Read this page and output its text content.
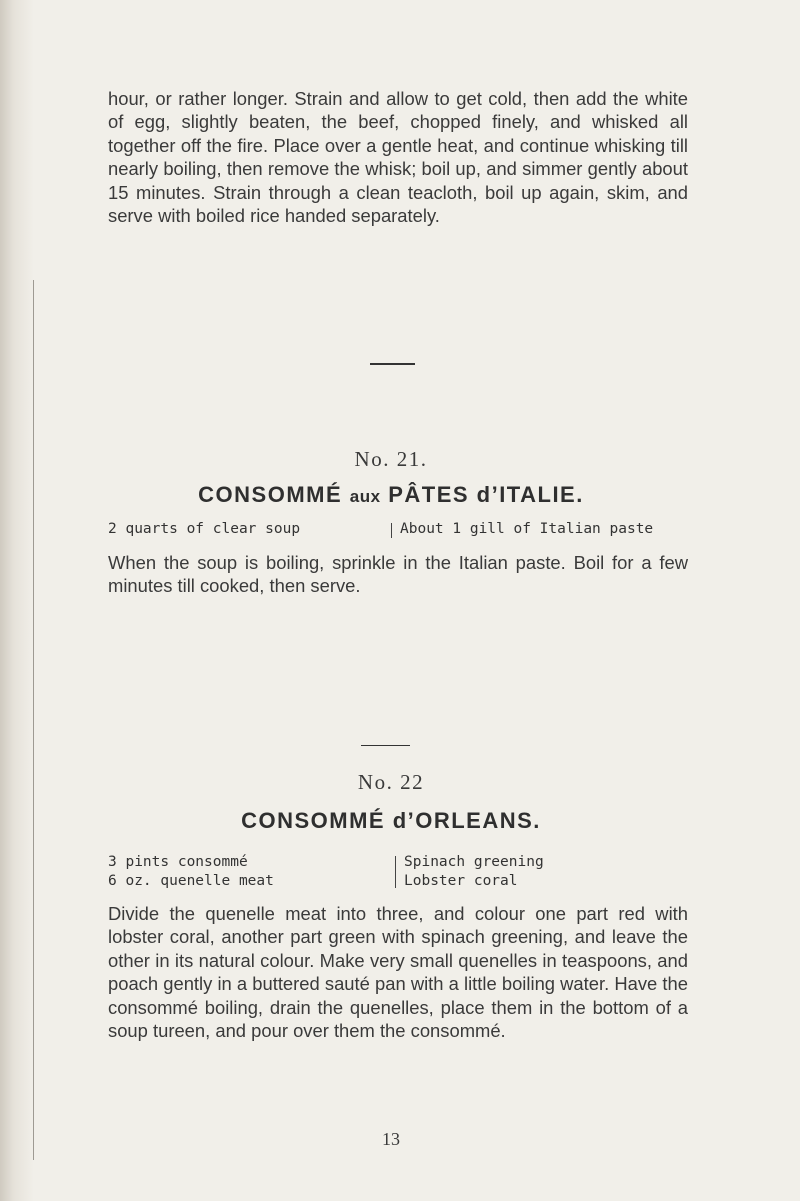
hour, or rather longer. Strain and allow to get cold, then add the white of egg, slightly beaten, the beef, chopped finely, and whisked all together off the fire. Place over a gentle heat, and continue whisking till nearly boiling, then remove the whisk; boil up, and simmer gently about 15 minutes. Strain through a clean teacloth, boil up again, skim, and serve with boiled rice handed separately.

No. 21.
CONSOMMÉ aux PÂTES d’ITALIE.
2 quarts of clear soup	About 1 gill of Italian paste

When the soup is boiling, sprinkle in the Italian paste. Boil for a few minutes till cooked, then serve.

No. 22
CONSOMMÉ d’ORLEANS.
3 pints consommé
6 oz. quenelle meat
Spinach greening
Lobster coral

Divide the quenelle meat into three, and colour one part red with lobster coral, another part green with spinach greening, and leave the other in its natural colour. Make very small quenelles in teaspoons, and poach gently in a buttered sauté pan with a little boiling water. Have the consommé boiling, drain the quenelles, place them in the bottom of a soup tureen, and pour over them the consommé.

13
